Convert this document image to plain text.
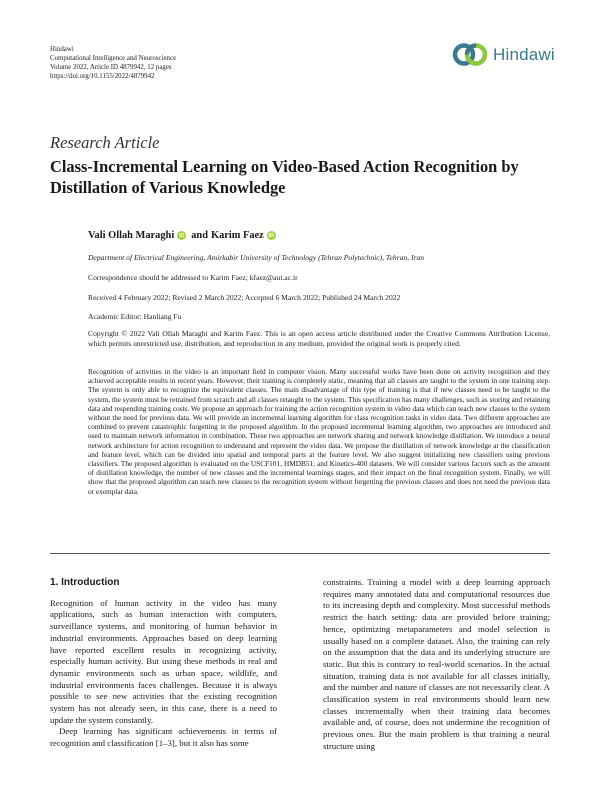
Hindawi
Computational Intelligence and Neuroscience
Volume 2022, Article ID 4879942, 12 pages
https://doi.org/10.1155/2022/4879942
Hindawi
Research Article
Class-Incremental Learning on Video-Based Action Recognition by Distillation of Various Knowledge
Vali Ollah Maraghi iD and Karim Faez iD
Department of Electrical Engineering, Amirkabir University of Technology (Tehran Polytechnic), Tehran, Iran
Correspondence should be addressed to Karim Faez; kfaez@aut.ac.ir
Received 4 February 2022; Revised 2 March 2022; Accepted 6 March 2022; Published 24 March 2022
Academic Editor: Hanliang Fu
Copyright © 2022 Vali Ollah Maraghi and Karim Faez. This is an open access article distributed under the Creative Commons Attribution License, which permits unrestricted use, distribution, and reproduction in any medium, provided the original work is properly cited.
Recognition of activities in the video is an important field in computer vision. Many successful works have been done on activity recognition and they achieved acceptable results in recent years. However, their training is completely static, meaning that all classes are taught to the system in one training step. The system is only able to recognize the equivalent classes. The main disadvantage of this type of training is that if new classes need to be taught to the system, the system must be retrained from scratch and all classes retaught to the system. This specification has many challenges, such as storing and retaining data and respending training costs. We propose an approach for training the action recognition system in video data which can teach new classes to the system without the need for previous data. We will provide an incremental learning algorithm for class recognition tasks in video data. Two different approaches are combined to prevent catastrophic forgetting in the proposed algorithm. In the proposed incremental learning algorithm, two approaches are introduced and used to maintain network information in combination. These two approaches are network sharing and network knowledge distillation. We introduce a neural network architecture for action recognition to understand and represent the video data. We propose the distillation of network knowledge at the classification and feature level, which can be divided into spatial and temporal parts at the feature level. We also suggest initializing new classifiers using previous classifiers. The proposed algorithm is evaluated on the USCF101, HMDB51, and Kinetics-400 datasets. We will consider various factors such as the amount of distillation knowledge, the number of new classes and the incremental learnings stages, and their impact on the final recognition system. Finally, we will show that the proposed algorithm can teach new classes to the recognition system without forgetting the previous classes and does not need the previous data or exemplar data.
1. Introduction

Recognition of human activity in the video has many applications, such as human interaction with computers, surveillance systems, and monitoring of human behavior in industrial environments. Approaches based on deep learning have reported excellent results in recognizing activity, especially human activity. But using these methods in real and dynamic environments such as urban space, wildlife, and industrial environments faces challenges. Because it is always possible to see new activities that the existing recognition system has not already seen, in this case, there is a need to update the system constantly.

Deep learning has significant achievements in terms of recognition and classification [1–3], but it also has some

constraints. Training a model with a deep learning approach requires many annotated data and computational resources due to its increasing depth and complexity. Most successful methods restrict the batch setting: data are provided before training; hence, optimizing metaparameters and model selection is usually based on a complete dataset. Also, the training can rely on the assumption that the data and its underlying structure are static. But this is contrary to real-world scenarios. In the actual situation, training data is not available for all classes initially, and the number and nature of classes are not necessarily clear. A classification system in real environments should learn new classes incrementally when their training data becomes available and, of course, does not undermine the recognition of previous ones. But the main problem is that training a neural structure using
